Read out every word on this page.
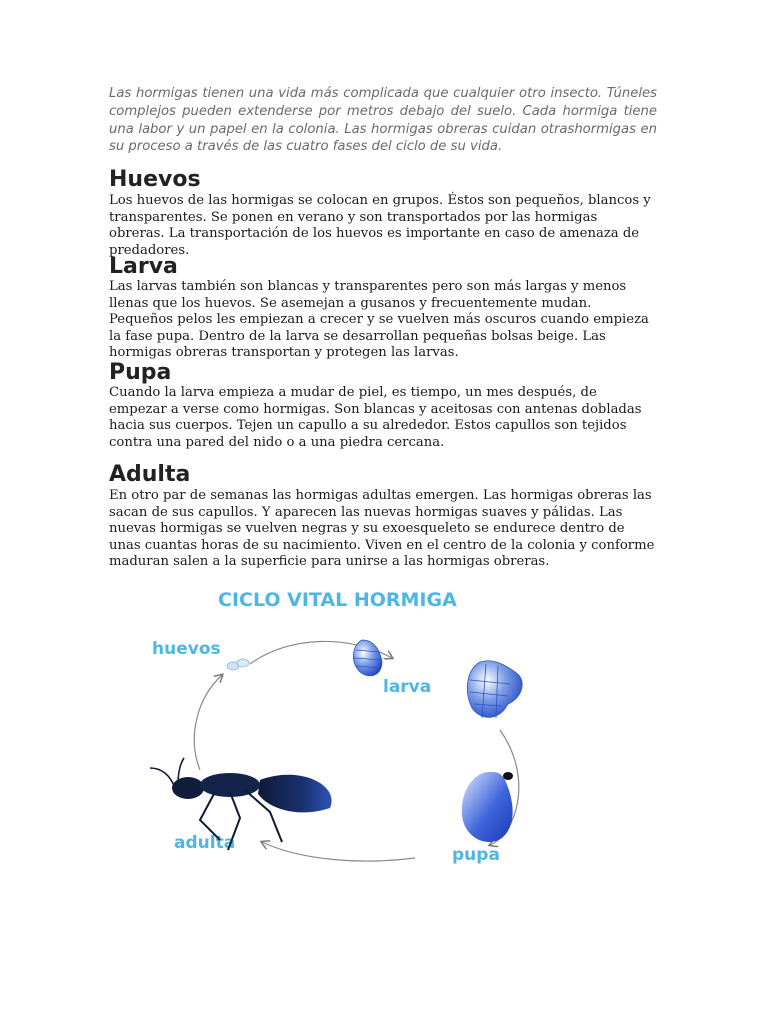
Las hormigas tienen una vida más complicada que cualquier otro insecto. Túneles complejos pueden extenderse por metros debajo del suelo. Cada hormiga tiene una labor y un papel en la colonia. Las hormigas obreras cuidan otrashormigas en su proceso a través de las cuatro fases del ciclo de su vida.

Huevos

Los huevos de las hormigas se colocan en grupos. Éstos son pequeños, blancos y transparentes. Se ponen en verano y son transportados por las hormigas obreras. La transportación de los huevos es importante en caso de amenaza de predadores.

Larva

Las larvas también son blancas y transparentes pero son más largas y menos llenas que los huevos. Se asemejan a gusanos y frecuentemente mudan. Pequeños pelos les empiezan a crecer y se vuelven más oscuros cuando empieza la fase pupa. Dentro de la larva se desarrollan pequeñas bolsas beige. Las hormigas obreras transportan y protegen las larvas.

Pupa

Cuando la larva empieza a mudar de piel, es tiempo, un mes después, de empezar a verse como hormigas. Son blancas y aceitosas con antenas dobladas hacia sus cuerpos. Tejen un capullo a su alrededor. Estos capullos son tejidos contra una pared del nido o a una piedra cercana.

Adulta

En otro par de semanas las hormigas adultas emergen. Las hormigas obreras las sacan de sus capullos. Y aparecen las nuevas hormigas suaves y pálidas. Las nuevas hormigas se vuelven negras y su exoesqueleto se endurece dentro de unas cuantas horas de su nacimiento. Viven en el centro de la colonia y conforme maduran salen a la superficie para unirse a las hormigas obreras.

CICLO VITAL HORMIGA
huevos
larva
pupa
adulta
